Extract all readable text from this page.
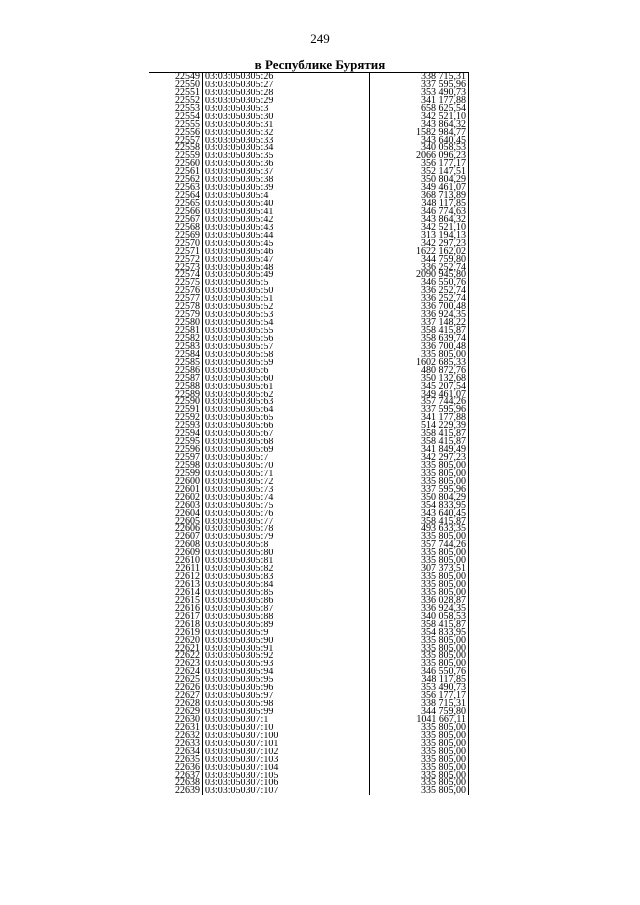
249
в Республике Бурятия
22549 03:03:050305:26	338 715,31
22550 03:03:050305:27	337 595,96
22551 03:03:050305:28	353 490,73
22552 03:03:050305:29	341 177,88
22553 03:03:050305:3	658 625,54
22554 03:03:050305:30	342 521,10
22555 03:03:050305:31	343 864,32
22556 03:03:050305:32	1582 984,77
22557 03:03:050305:33	343 640,45
22558 03:03:050305:34	340 058,53
22559 03:03:050305:35	2066 096,23
22560 03:03:050305:36	356 177,17
22561 03:03:050305:37	352 147,51
22562 03:03:050305:38	350 804,29
22563 03:03:050305:39	349 461,07
22564 03:03:050305:4	368 713,89
22565 03:03:050305:40	348 117,85
22566 03:03:050305:41	346 774,63
22567 03:03:050305:42	343 864,32
22568 03:03:050305:43	342 521,10
22569 03:03:050305:44	313 194,13
22570 03:03:050305:45	342 297,23
22571 03:03:050305:46	1622 162,02
22572 03:03:050305:47	344 759,80
22573 03:03:050305:48	336 252,74
22574 03:03:050305:49	2090 945,80
22575 03:03:050305:5	346 550,76
22576 03:03:050305:50	336 252,74
22577 03:03:050305:51	336 252,74
22578 03:03:050305:52	336 700,48
22579 03:03:050305:53	336 924,35
22580 03:03:050305:54	337 148,22
22581 03:03:050305:55	358 415,87
22582 03:03:050305:56	358 639,74
22583 03:03:050305:57	336 700,48
22584 03:03:050305:58	335 805,00
22585 03:03:050305:59	1602 685,33
22586 03:03:050305:6	480 872,76
22587 03:03:050305:60	350 132,68
22588 03:03:050305:61	345 207,54
22589 03:03:050305:62	349 461,07
22590 03:03:050305:63	357 744,26
22591 03:03:050305:64	337 595,96
22592 03:03:050305:65	341 177,88
22593 03:03:050305:66	514 229,39
22594 03:03:050305:67	358 415,87
22595 03:03:050305:68	358 415,87
22596 03:03:050305:69	341 849,49
22597 03:03:050305:7	342 297,23
22598 03:03:050305:70	335 805,00
22599 03:03:050305:71	335 805,00
22600 03:03:050305:72	335 805,00
22601 03:03:050305:73	337 595,96
22602 03:03:050305:74	350 804,29
22603 03:03:050305:75	354 833,95
22604 03:03:050305:76	343 640,45
22605 03:03:050305:77	358 415,87
22606 03:03:050305:78	493 633,35
22607 03:03:050305:79	335 805,00
22608 03:03:050305:8	357 744,26
22609 03:03:050305:80	335 805,00
22610 03:03:050305:81	335 805,00
22611 03:03:050305:82	307 373,51
22612 03:03:050305:83	335 805,00
22613 03:03:050305:84	335 805,00
22614 03:03:050305:85	335 805,00
22615 03:03:050305:86	336 028,87
22616 03:03:050305:87	336 924,35
22617 03:03:050305:88	340 058,53
22618 03:03:050305:89	358 415,87
22619 03:03:050305:9	354 833,95
22620 03:03:050305:90	335 805,00
22621 03:03:050305:91	335 805,00
22622 03:03:050305:92	335 805,00
22623 03:03:050305:93	335 805,00
22624 03:03:050305:94	346 550,76
22625 03:03:050305:95	348 117,85
22626 03:03:050305:96	353 490,73
22627 03:03:050305:97	356 177,17
22628 03:03:050305:98	338 715,31
22629 03:03:050305:99	344 759,80
22630 03:03:050307:1	1041 667,11
22631 03:03:050307:10	335 805,00
22632 03:03:050307:100	335 805,00
22633 03:03:050307:101	335 805,00
22634 03:03:050307:102	335 805,00
22635 03:03:050307:103	335 805,00
22636 03:03:050307:104	335 805,00
22637 03:03:050307:105	335 805,00
22638 03:03:050307:106	335 805,00
22639 03:03:050307:107	335 805,00
